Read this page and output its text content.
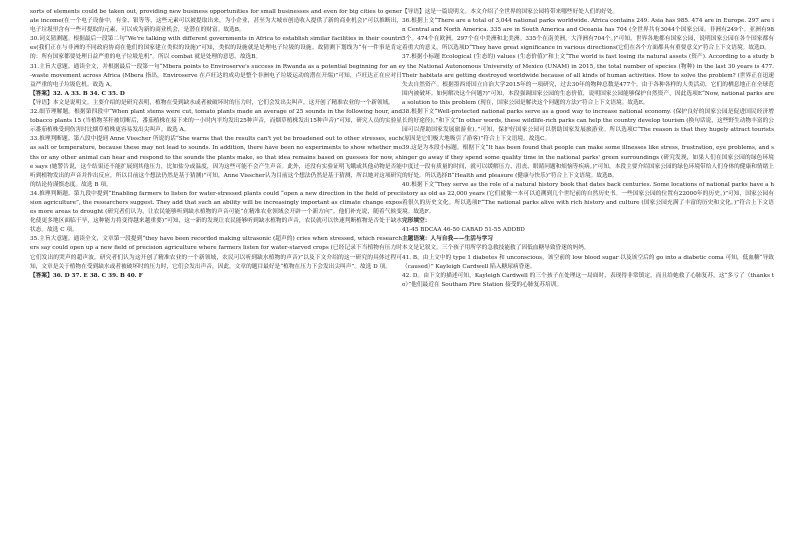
sorts of elements could be taken out, providing new business opportunities for small businesses and even for big cities to generate income(在一个电子设备中，有金、银等等，这些元素可以被提取出来，为小企业，甚至为大城市创造收入提供了新的商业机会)”可以推断出，电子垃圾里含有一些可提取的元素，可以成为新的商业机会，是潜在的财富。故选B。

30.词义猜测题。根据最后一段第二句“We're talking with different governments in Africa to establish similar facilities in their countries(我们正在与非洲的不同政府协商在他们的国家建立类似的设施)”可知，类似的设施就是处理电子垃圾的设施。故猜测下划线为“有一件事是肯定的：所有国家都要处理日益严重的电子垃圾危机”。所以 combat 就是处理的意思。故选B。

31.主旨大意题。通读全文，并根据最后一段第一句“Mbera points to Enviroserve's success in Rwanda as a potential beginning for an e-waste movement across Africa (Mbera 指出，Enviroserve 在卢旺达的成功是整个非洲电子垃圾运动的潜在开端)”可知，卢旺达正在应对日益严重的电子垃圾危机。故选 A。

【答案】32. A 33. B 34. C 35. D

【导语】本文是说明文。主要介绍的是研究表明，植物在受到缺水或者被破坏时的压力时，它们会发出尖叫声，这开创了精准农业的一个新领域。

32.细节理解题。根据第四段中“When plant stems were cut, tomato plants made an average of 25 sounds in the following hour, and tobacco plants 15 (当植物茎秆被切断后，番茄植株在接下来的一小时内平均发出25种声音，而烟草植株发出15种声音)”可知，研究人员的实验显示番茄植株受到伤害时比烟草植株更容易发出尖叫声。故选 A。

33.推理判断题。第八段中提到 Anne Visscher 所说的话“She warns that the results can't yet be broadened out to other stresses, such as salt or temperature, because these may not lead to sounds. In addition, there have been no experiments to show whether moths or any other animal can hear and respond to the sounds the plants make, so that idea remains based on guesses for now, she says (她警告说，这个结果还不能扩展到其他压力，比如盐分或温度，因为这些可能不会产生声音。此外，还没有实验证明飞蛾或其他动物是否能听到植物发出的声音并作出反应，所以目前这个想法仍然是基于猜测)”可知，Anne Visscher认为目前这个想法仍然是基于猜测，所以她对这项研究的结论持谨慎态度。故选 B 项。

34.推理判断题。第九段中提到“Enabling farmers to listen for water-stressed plants could “open a new direction in the field of precision agriculture”, the researchers suggest. They add that such an ability will be increasingly important as climate change exposes more areas to drought (研究者们认为，让农民能够听到缺水植物的声音可能“在精准农业领域会开辟一个新方向”。他们补充说，随着气候变化使更多地区面临干旱，这种能力将变得越来越重要)”可知，这一新的发现让农民能够听到缺水植物的声音，农民就可以快速判断植物是否处于缺水状态。故选 C 项。

35.主旨大意题。通读全文，文章第一段提到“they have been recorded making ultrasonic (超声的) cries when stressed, which researchers say could open up a new field of precision agriculture where farmers listen for water-starved crops (已经记录下当植物有压力时它们发出的哭声的超声波，研究者们认为这开创了精准农业的一个新领域，农民可以听到缺水植物的声音)”以及下文介绍的这一研究的具体过程可知，文章是关于植物在受到缺水或者被破坏时的压力时，它们会发出声音，因此，文章的题目最好是“植物在压力下会发出尖叫声”。故选 D 项。

【答案】36. D 37. E 38. C 39. B 40. F

【导语】这是一篇说明文。本文介绍了全世界的国家公园将带来哪些好处人们的好处。

36.根据上文“There are a total of 3,044 national parks worldwide. Africa contains 249. Asia has 985. 474 are in Europe. 297 are in Central and North America. 335 are in South America and Oceania has 704 (全世界共有3044个国家公园。非洲有249个。亚洲有985个。474个在欧洲。297个在中美洲和北美洲。335个在南美洲，大洋洲有704个。)”可知，世界各地都有国家公园，说明国家公园在各个国家都有着重大的意义。所以选项D“They have great significance in various directions(它们在各个方面都具有重要意义)”符合上下文语境。故选D。

37.根据小标题 Ecological (生态的) values (生态价值)”和上文“The world is fast losing its natural assets (资产). According to a study by the National Autonomous University of Mexico (UNAM) in 2015, the total number of species (物种) in the last 30 years is 477. Their habitats are getting destroyed worldwide because of all kinds of human activities. How to solve the problem? (世界正在迅速失去自然资产。根据墨西哥国立自治大学2015年的一项研究，过去30年的物种总数是477个。由于各种各样的人类活动，它们的栖息地正在全球范围内被破坏。如何解决这个问题?)”可知，本段强调国家公园的生态价值，说明国家公园能够保护自然资产，因此选项E“Now, national parks are a solution to this problem (现在，国家公园是解决这个问题的方法)”符合上下文语境。故选E。

38.根据下文“Well-protected national parks serve as a good way to increase national economy. (保护良好的国家公园是促进国民经济增长的好途径)。”和下文“In other words, these wildlife-rich parks can help the country develop tourism (换句话说，这些野生动物丰富的公园可以帮助国家发展旅游业)。”可知，保护好国家公园可以帮助国家发展旅游业。所以选项C“The reason is that they hugely attract tourists (原因是它们极大地吸引了游客)”符合上下文语境。故选C。

39.这是为本段小标题。根据下文“It has been found that people can make some illnesses like stress, frustration, eye problems, and singer go away if they spend some quality time in the national parks' green surroundings (研究发现，如果人们在国家公园的绿色环境中度过一段有质量的时间，就可以缓解压力、沮丧、眼睛问题和烦恼等疾病。)”可知，本段主要介绍国家公园的绿色环境带给人们身体的健康和情绪上的好处。所以选择B“Health and pleasure (健康与快乐)”符合上下文语境。故选B。

40.根据下文“They serve as the role of a natural history book that dates back centuries. Some locations of national parks have a history as old as 22,000 years (它们就像一本可以追溯到几个世纪前的自然历史书。一些国家公园的位置有22000年的历史。)”可知，国家公园有着很久的历史文化。所以选项F“The national parks alive with rich history and culture (国家公园充满了丰富的历史和文化。)”符合上下文语境。故选F。

完形填空：

41-45 BDCAA 46-50 CABAD 51-55 ADDBD

主题语境：人与自我——生活与学习

本文是记叙文。三个孩子用所学的急救技能救了因低血糖导致昏迷的妈妈。

41. B。由上文中的 type 1 diabetes 和 unconscious，该空前的 low blood sugar 以及该空后的 go into a diabetic coma 可知，低血糖“导致（caused）” Kayleigh Cardwell 陷入糖尿病昏迷。

42. D。由下文的描述可知，Kayleigh Cardwell 的三个孩子在处理这一局面时，表现得非常镇定，而且给她救了心肺复苏，这“多亏了（thanks to）”他们最近在 Southam Fire Station 接受的心肺复苏培训。
